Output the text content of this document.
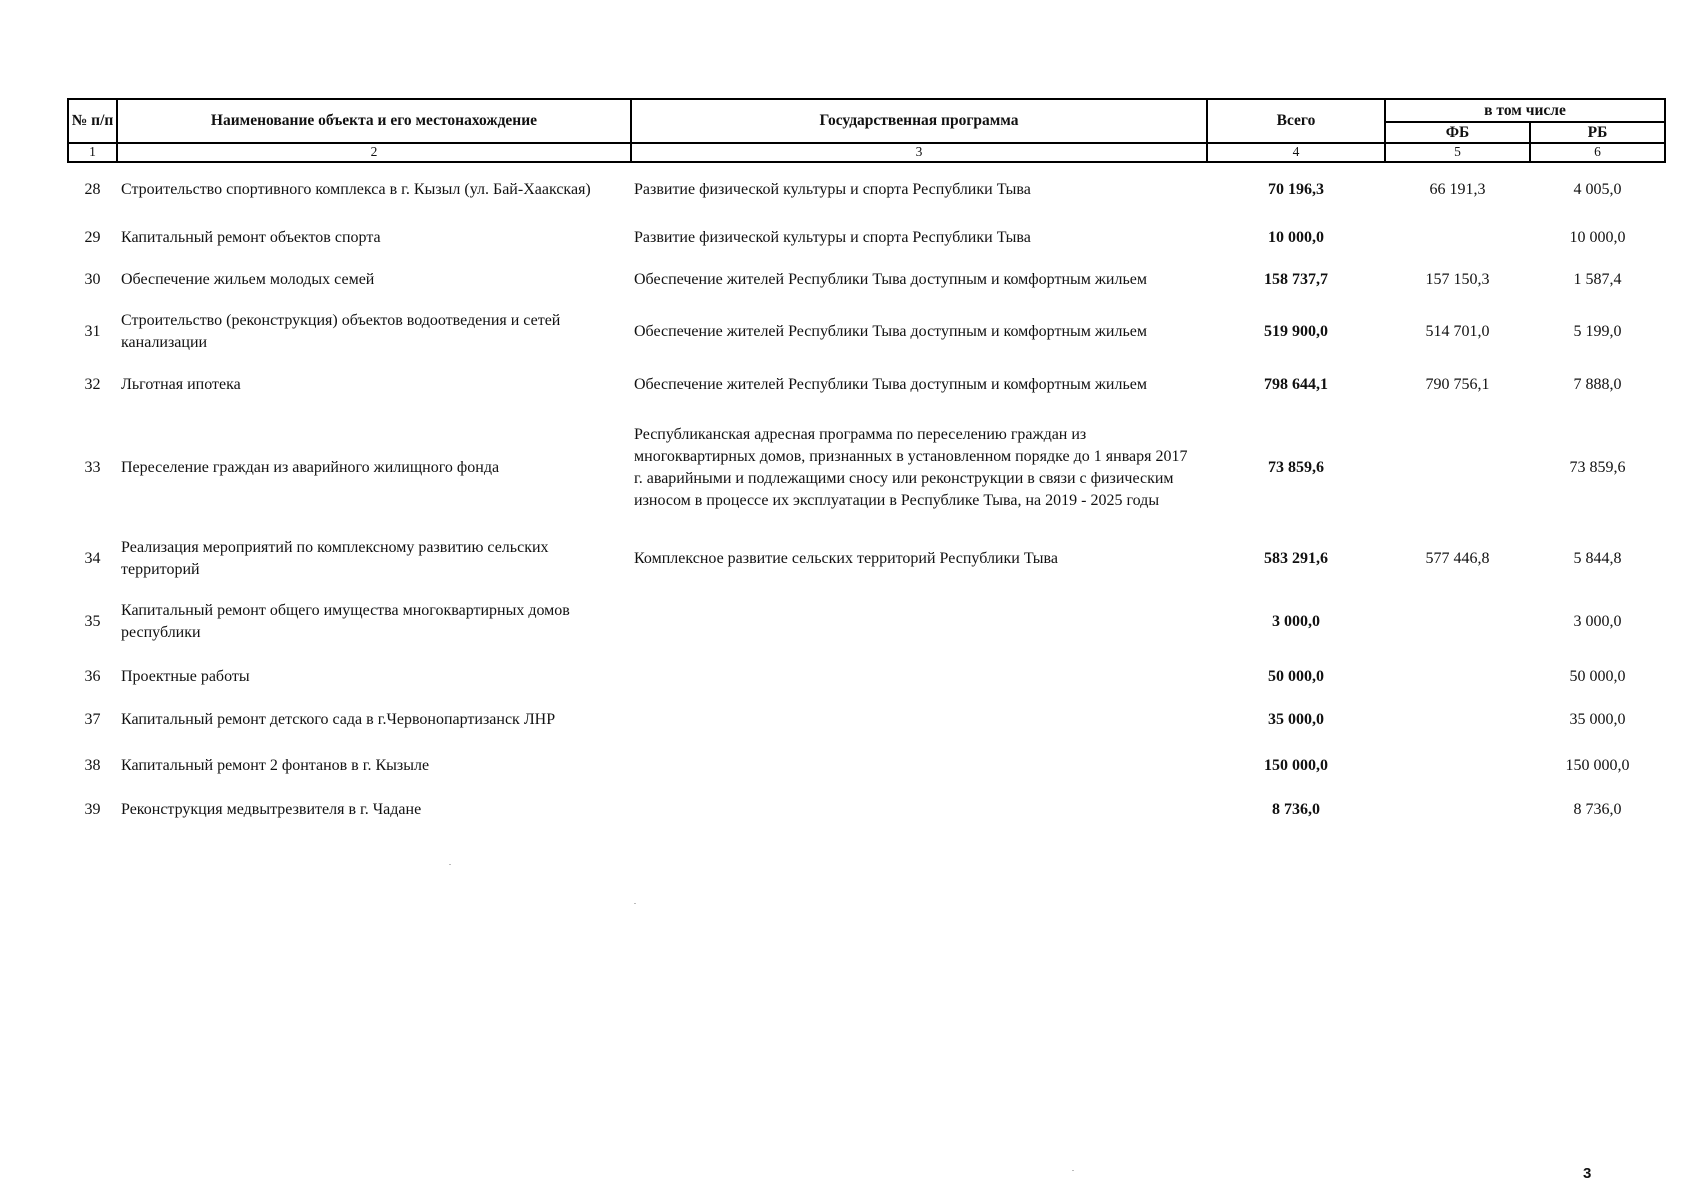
№ п/п	Наименование объекта и его местонахождение	Государственная программа	Всего	в том числе	
				ФБ	РБ
1	2	3	4	5	6
28	Строительство спортивного комплекса в г. Кызыл (ул. Бай-Хаакская)	Развитие физической культуры и спорта Республики Тыва	70 196,3	66 191,3	4 005,0
29	Капитальный ремонт объектов спорта	Развитие физической культуры и спорта Республики Тыва	10 000,0		10 000,0
30	Обеспечение жильем молодых семей	Обеспечение жителей Республики Тыва доступным и комфортным жильем	158 737,7	157 150,3	1 587,4
31	Строительство (реконструкция) объектов водоотведения и сетей канализации	Обеспечение жителей Республики Тыва доступным и комфортным жильем	519 900,0	514 701,0	5 199,0
32	Льготная ипотека	Обеспечение жителей Республики Тыва доступным и комфортным жильем	798 644,1	790 756,1	7 888,0
33	Переселение граждан из аварийного жилищного фонда	Республиканская адресная программа по переселению граждан из многоквартирных домов, признанных в установленном порядке до 1 января 2017 г. аварийными и подлежащими сносу или реконструкции в связи с физическим износом в процессе их эксплуатации в Республике Тыва, на 2019 - 2025 годы	73 859,6		73 859,6
34	Реализация мероприятий по комплексному развитию сельских территорий	Комплексное развитие сельских территорий Республики Тыва	583 291,6	577 446,8	5 844,8
35	Капитальный ремонт общего имущества многоквартирных домов республики		3 000,0		3 000,0
36	Проектные работы		50 000,0		50 000,0
37	Капитальный ремонт детского сада в г.Червонопартизанск ЛНР		35 000,0		35 000,0
38	Капитальный ремонт 2 фонтанов в г. Кызыле		150 000,0		150 000,0
39	Реконструкция медвытрезвителя в г. Чадане		8 736,0		8 736,0
3
